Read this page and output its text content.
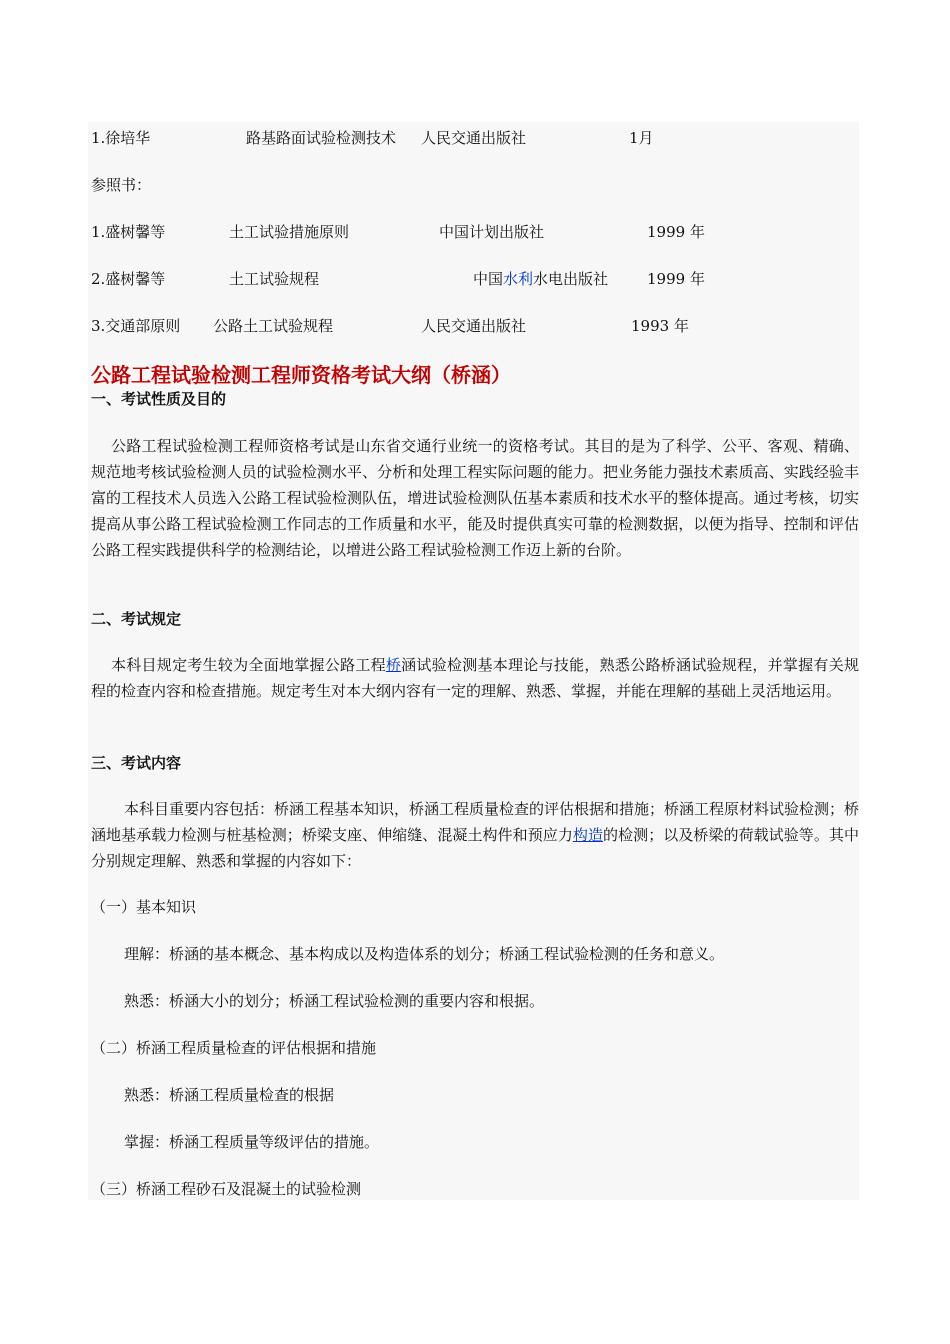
1.徐培华	路基路面试验检测技术 人民交通出版社	1月
参照书：
1.盛树馨等	土工试验措施原则	中国计划出版社	1999 年
2.盛树馨等	土工试验规程	中国水利水电出版社	1999 年
3.交通部原则 公路土工试验规程	人民交通出版社	1993 年
公路工程试验检测工程师资格考试大纲（桥涵）
一、考试性质及目的
公路工程试验检测工程师资格考试是山东省交通行业统一的资格考试。其目的是为了科学、公平、客观、精确、规范地考核试验检测人员的试验检测水平、分析和处理工程实际问题的能力。把业务能力强技术素质高、实践经验丰富的工程技术人员选入公路工程试验检测队伍，增进试验检测队伍基本素质和技术水平的整体提高。通过考核，切实提高从事公路工程试验检测工作同志的工作质量和水平，能及时提供真实可靠的检测数据，以便为指导、控制和评估公路工程实践提供科学的检测结论，以增进公路工程试验检测工作迈上新的台阶。
二、考试规定
本科目规定考生较为全面地掌握公路工程桥涵试验检测基本理论与技能，熟悉公路桥涵试验规程，并掌握有关规程的检查内容和检查措施。规定考生对本大纲内容有一定的理解、熟悉、掌握，并能在理解的基础上灵活地运用。
三、考试内容
本科目重要内容包括：桥涵工程基本知识，桥涵工程质量检查的评估根据和措施；桥涵工程原材料试验检测；桥涵地基承载力检测与桩基检测；桥梁支座、伸缩缝、混凝土构件和预应力构造的检测；以及桥梁的荷载试验等。其中分别规定理解、熟悉和掌握的内容如下：
（一）基本知识
理解：桥涵的基本概念、基本构成以及构造体系的划分；桥涵工程试验检测的任务和意义。
熟悉：桥涵大小的划分；桥涵工程试验检测的重要内容和根据。
（二）桥涵工程质量检查的评估根据和措施
熟悉：桥涵工程质量检查的根据
掌握：桥涵工程质量等级评估的措施。
（三）桥涵工程砂石及混凝土的试验检测
